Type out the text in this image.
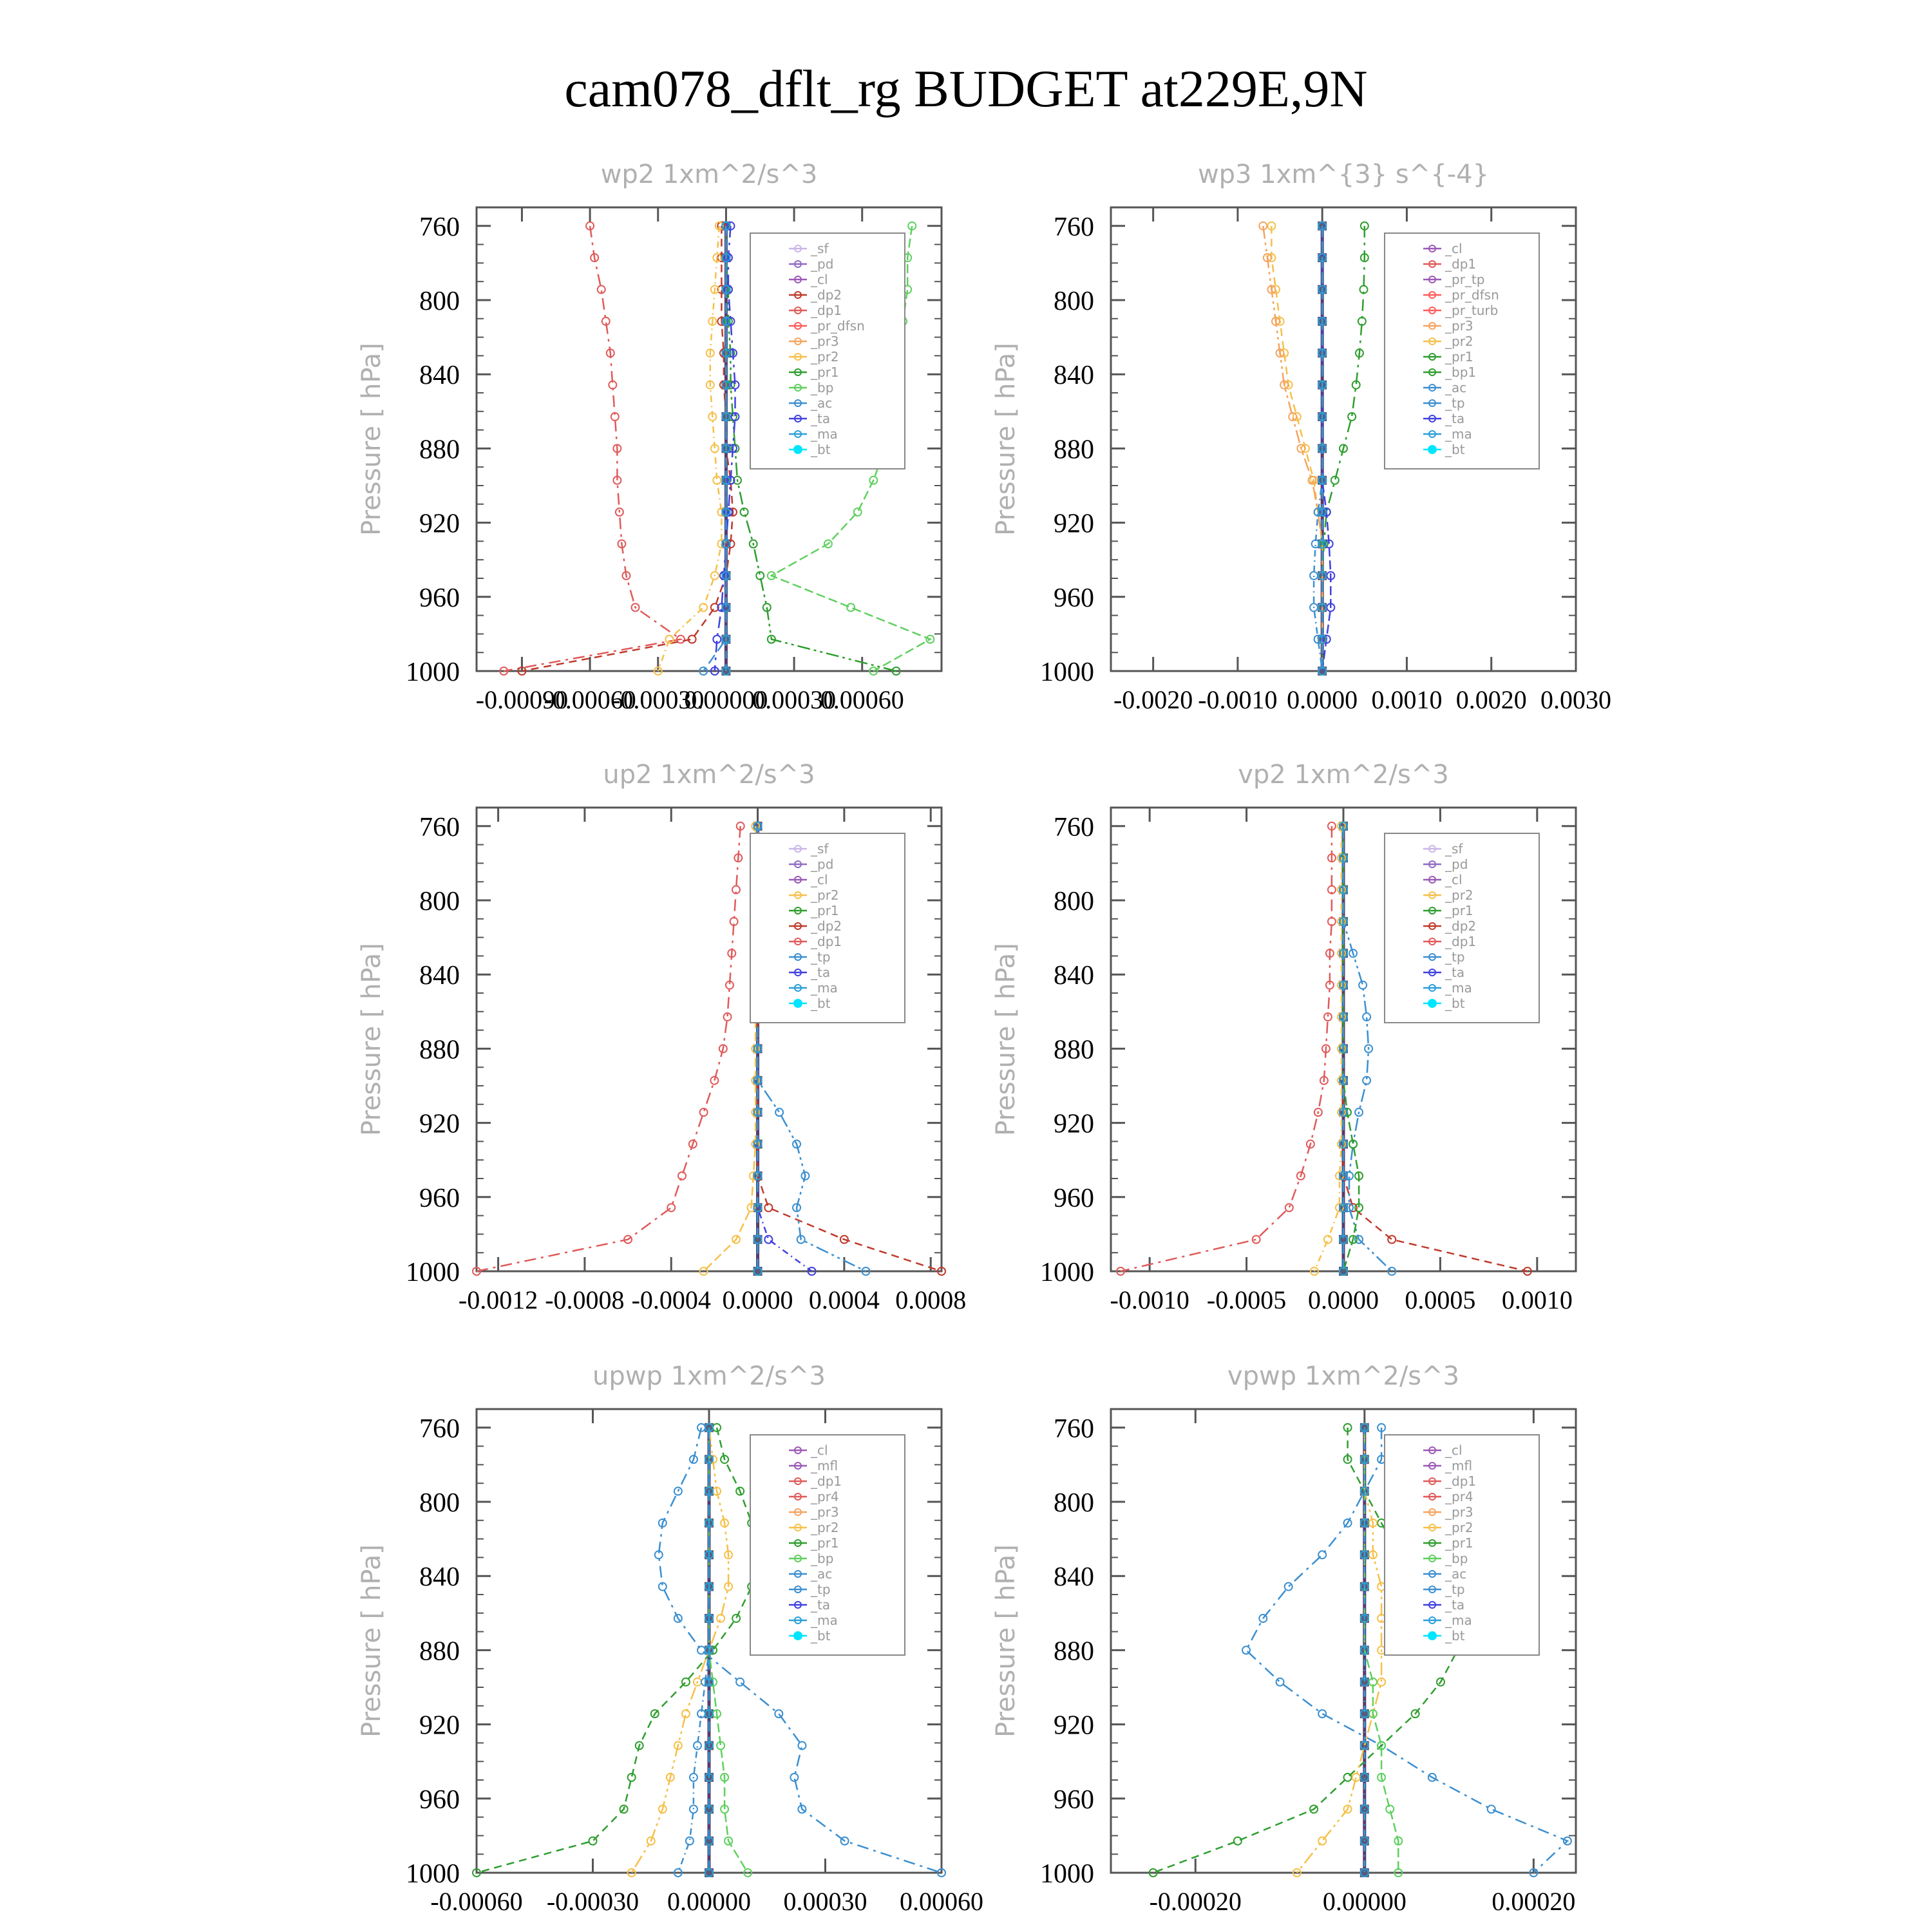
cam078_dflt_rg BUDGET at229E,9N
wp2 1xm^2/s^3
Pressure [ hPa]
760
800
840
880
920
960
1000
-0.00090
-0.00060
-0.00030
0.00000
0.00030
0.00060
_sf
_pd
_cl
_dp2
_dp1
_pr_dfsn
_pr3
_pr2
_pr1
_bp
_ac
_ta
_ma
_bt
wp3 1xm^{3} s^{-4}
Pressure [ hPa]
760
800
840
880
920
960
1000
-0.0020 -0.0010 0.0000 0.0010 0.0020 0.0030
_cl
_dp1
_pr_tp
_pr_dfsn
_pr_turb
_pr3
_pr2
_pr1
_bp1
_ac
_tp
_ta
_ma
_bt
up2 1xm^2/s^3
Pressure [ hPa]
760
800
840
880
920
960
1000
-0.0012 -0.0008 -0.0004 0.0000 0.0004 0.0008
_sf
_pd
_cl
_pr2
_pr1
_dp2
_dp1
_tp
_ta
_ma
_bt
vp2 1xm^2/s^3
Pressure [ hPa]
760
800
840
880
920
960
1000
-0.0010 -0.0005 0.0000 0.0005 0.0010
_sf
_pd
_cl
_pr2
_pr1
_dp2
_dp1
_tp
_ta
_ma
_bt
upwp 1xm^2/s^3
Pressure [ hPa]
760
800
840
880
920
960
1000
-0.00060 -0.00030 0.00000 0.00030 0.00060
_cl
_mfl
_dp1
_pr4
_pr3
_pr2
_pr1
_bp
_ac
_tp
_ta
_ma
_bt
vpwp 1xm^2/s^3
Pressure [ hPa]
760
800
840
880
920
960
1000
-0.00020	0.00000	0.00020
_cl
_mfl
_dp1
_pr4
_pr3
_pr2
_pr1
_bp
_ac
_tp
_ta
_ma
_bt
